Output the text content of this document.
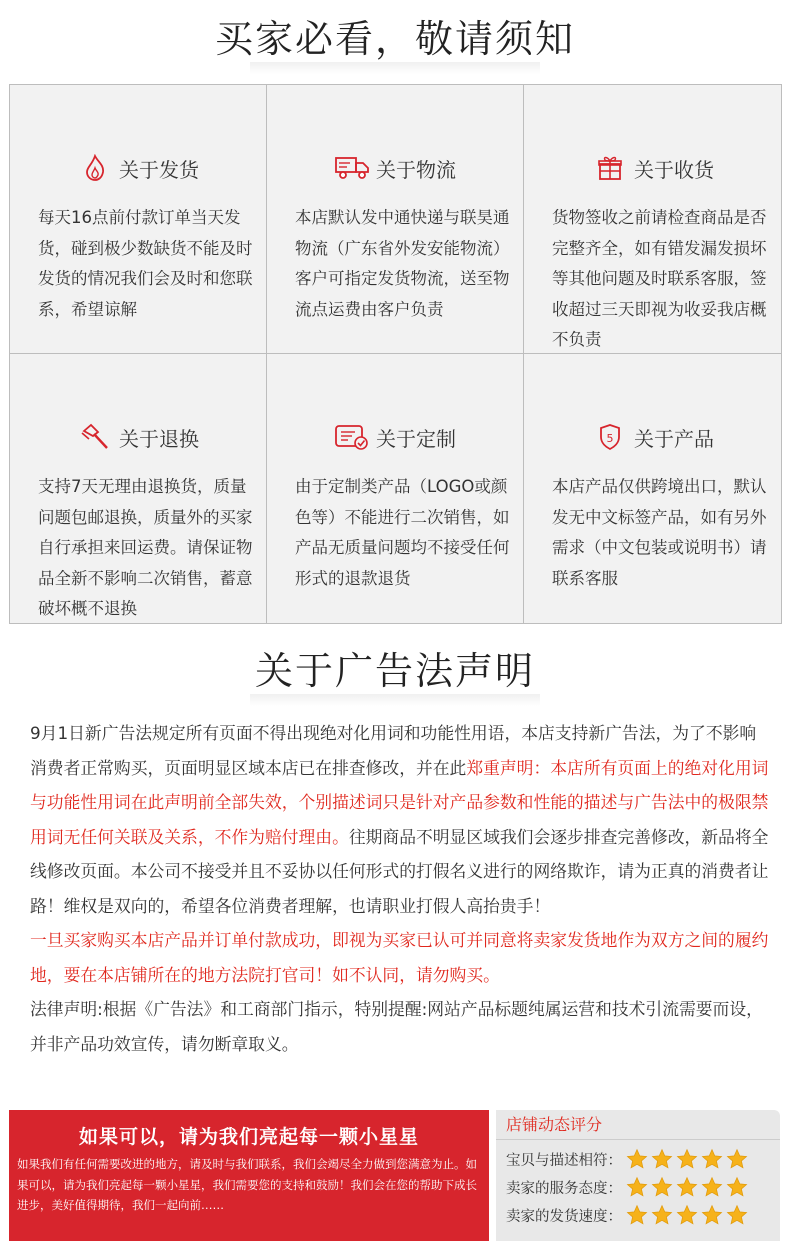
买家必看，敬请须知
关于发货
每天16点前付款订单当天发货，碰到极少数缺货不能及时发货的情况我们会及时和您联系，希望谅解
关于物流
本店默认发中通快递与联昊通物流（广东省外发安能物流）客户可指定发货物流，送至物流点运费由客户负责
关于收货
货物签收之前请检查商品是否完整齐全，如有错发漏发损坏等其他问题及时联系客服，签收超过三天即视为收妥我店概不负责
关于退换
支持7天无理由退换货，质量问题包邮退换，质量外的买家自行承担来回运费。请保证物品全新不影响二次销售，蓄意破坏概不退换
关于定制
由于定制类产品（LOGO或颜色等）不能进行二次销售，如产品无质量问题均不接受任何形式的退款退货
5 关于产品
本店产品仅供跨境出口，默认发无中文标签产品，如有另外需求（中文包装或说明书）请联系客服
关于广告法声明

9月1日新广告法规定所有页面不得出现绝对化用词和功能性用语，本店支持新广告法，为了不影响消费者正常购买，页面明显区域本店已在排查修改，并在此郑重声明：本店所有页面上的绝对化用词与功能性用词在此声明前全部失效，个别描述词只是针对产品参数和性能的描述与广告法中的极限禁用词无任何关联及关系，不作为赔付理由。往期商品不明显区域我们会逐步排查完善修改，新品将全线修改页面。本公司不接受并且不妥协以任何形式的打假名义进行的网络欺诈，请为正真的消费者让路！维权是双向的，希望各位消费者理解，也请职业打假人高抬贵手！

一旦买家购买本店产品并订单付款成功，即视为买家已认可并同意将卖家发货地作为双方之间的履约地，要在本店铺所在的地方法院打官司！如不认同，请勿购买。

法律声明:根据《广告法》和工商部门指示，特别提醒:网站产品标题纯属运营和技术引流需要而设，并非产品功效宣传，请勿断章取义。

如果可以，请为我们亮起每一颗小星星
如果我们有任何需要改进的地方，请及时与我们联系，我们会竭尽全力做到您满意为止。如果可以，请为我们亮起每一颗小星星，我们需要您的支持和鼓励！我们会在您的帮助下成长进步，美好值得期待，我们一起向前……
店铺动态评分
宝贝与描述相符：
卖家的服务态度：
卖家的发货速度：
